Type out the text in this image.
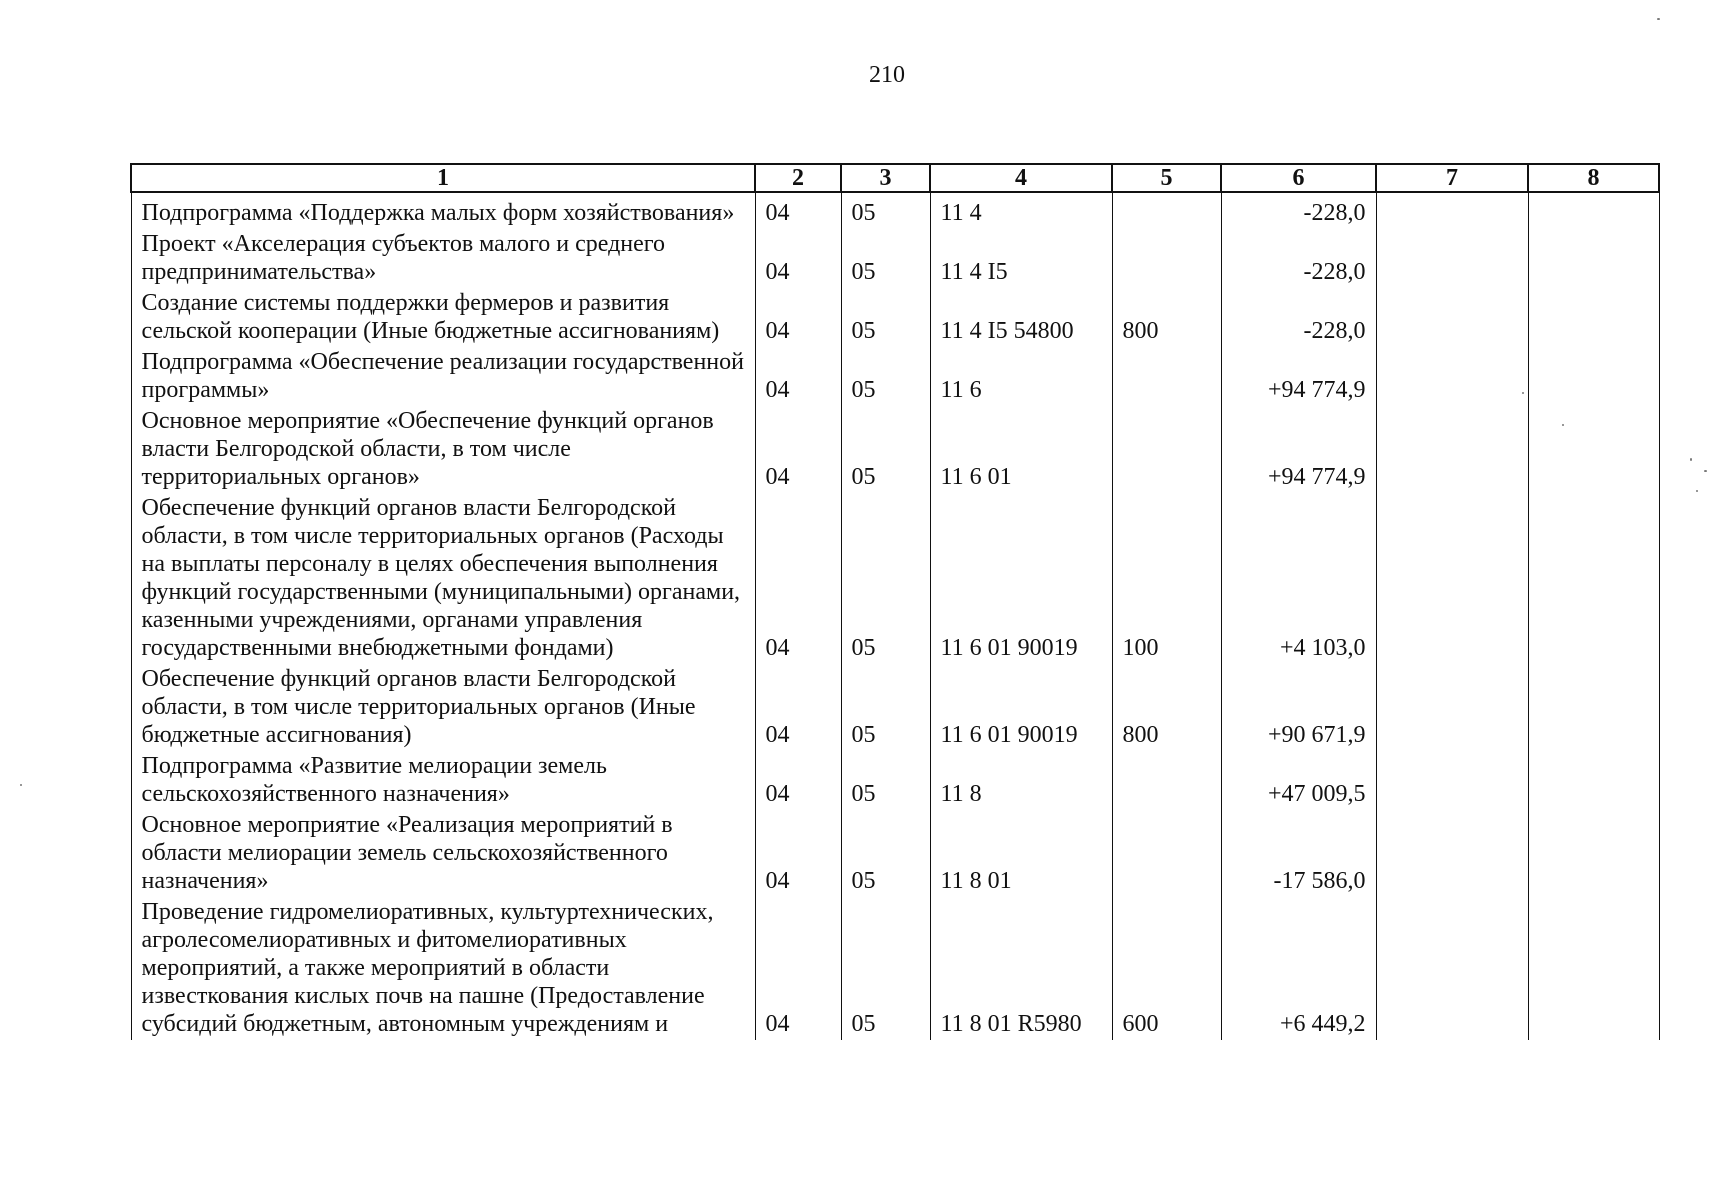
210
1	2	3	4	5	6	7	8
Подпрограмма «Поддержка малых форм хозяйствования»	04	05	11 4		-228,0		
Проект «Акселерация субъектов малого и среднего предпринимательства»	04	05	11 4 I5		-228,0		
Создание системы поддержки фермеров и развития сельской кооперации (Иные бюджетные ассигнованиям)	04	05	11 4 I5 54800	800	-228,0		
Подпрограмма «Обеспечение реализации государственной программы»	04	05	11 6		+94 774,9		
Основное мероприятие «Обеспечение функций органов власти Белгородской области, в том числе территориальных органов»	04	05	11 6 01		+94 774,9		
Обеспечение функций органов власти Белгородской области, в том числе территориальных органов (Расходы на выплаты персоналу в целях обеспечения выполнения функций государственными (муниципальными) органами, казенными учреждениями, органами управления государственными внебюджетными фондами)	04	05	11 6 01 90019	100	+4 103,0		
Обеспечение функций органов власти Белгородской области, в том числе территориальных органов (Иные бюджетные ассигнования)	04	05	11 6 01 90019	800	+90 671,9		
Подпрограмма «Развитие мелиорации земель сельскохозяйственного назначения»	04	05	11 8		+47 009,5		
Основное мероприятие «Реализация мероприятий в области мелиорации земель сельскохозяйственного назначения»	04	05	11 8 01		-17 586,0		
Проведение гидромелиоративных, культуртехнических, агролесомелиоративных и фитомелиоративных мероприятий, а также мероприятий в области известкования кислых почв на пашне (Предоставление субсидий бюджетным, автономным учреждениям и	04	05	11 8 01 R5980	600	+6 449,2		
